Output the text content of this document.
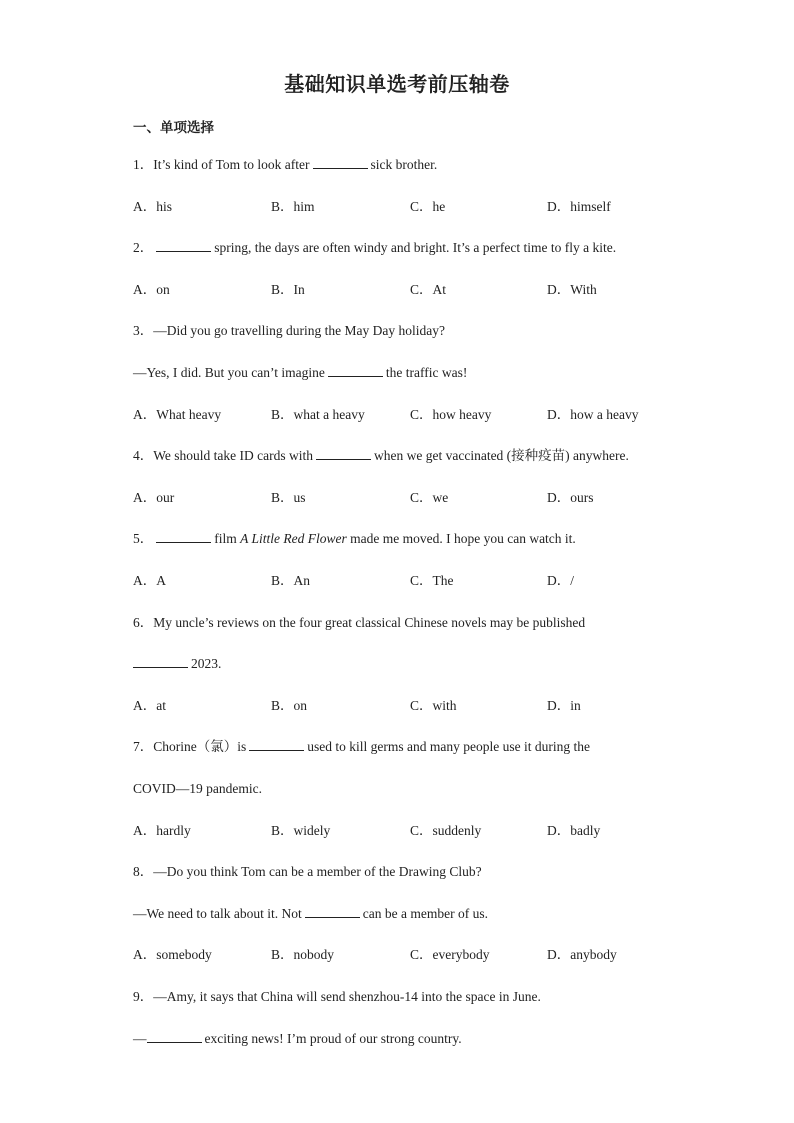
基础知识单选考前压轴卷
一、单项选择
1．It’s kind of Tom to look after	sick brother.
A．his	B．him	C．he	D．himself
2．	spring, the days are often windy and bright. It’s a perfect time to fly a kite.
A．on	B．In	C．At	D．With
3．—Did you go travelling during the May Day holiday?
—Yes, I did. But you can’t imagine	the traffic was!
A．What heavy	B．what a heavy	C．how heavy	D．how a heavy
4．We should take ID cards with	when we get vaccinated (接种疫苗) anywhere.
A．our	B．us	C．we	D．ours
5．	film A Little Red Flower made me moved. I hope you can watch it.
A．A	B．An	C．The	D．/
6．My uncle’s reviews on the four great classical Chinese novels may be published
2023.
A．at	B．on	C．with	D．in
7．Chorine（氯）is	used to kill germs and many people use it during the
COVID—19 pandemic.
A．hardly	B．widely	C．suddenly	D．badly
8．—Do you think Tom can be a member of the Drawing Club?
—We need to talk about it. Not	can be a member of us.
A．somebody	B．nobody	C．everybody	D．anybody
9．—Amy, it says that China will send shenzhou-14 into the space in June.
—	exciting news! I’m proud of our strong country.
